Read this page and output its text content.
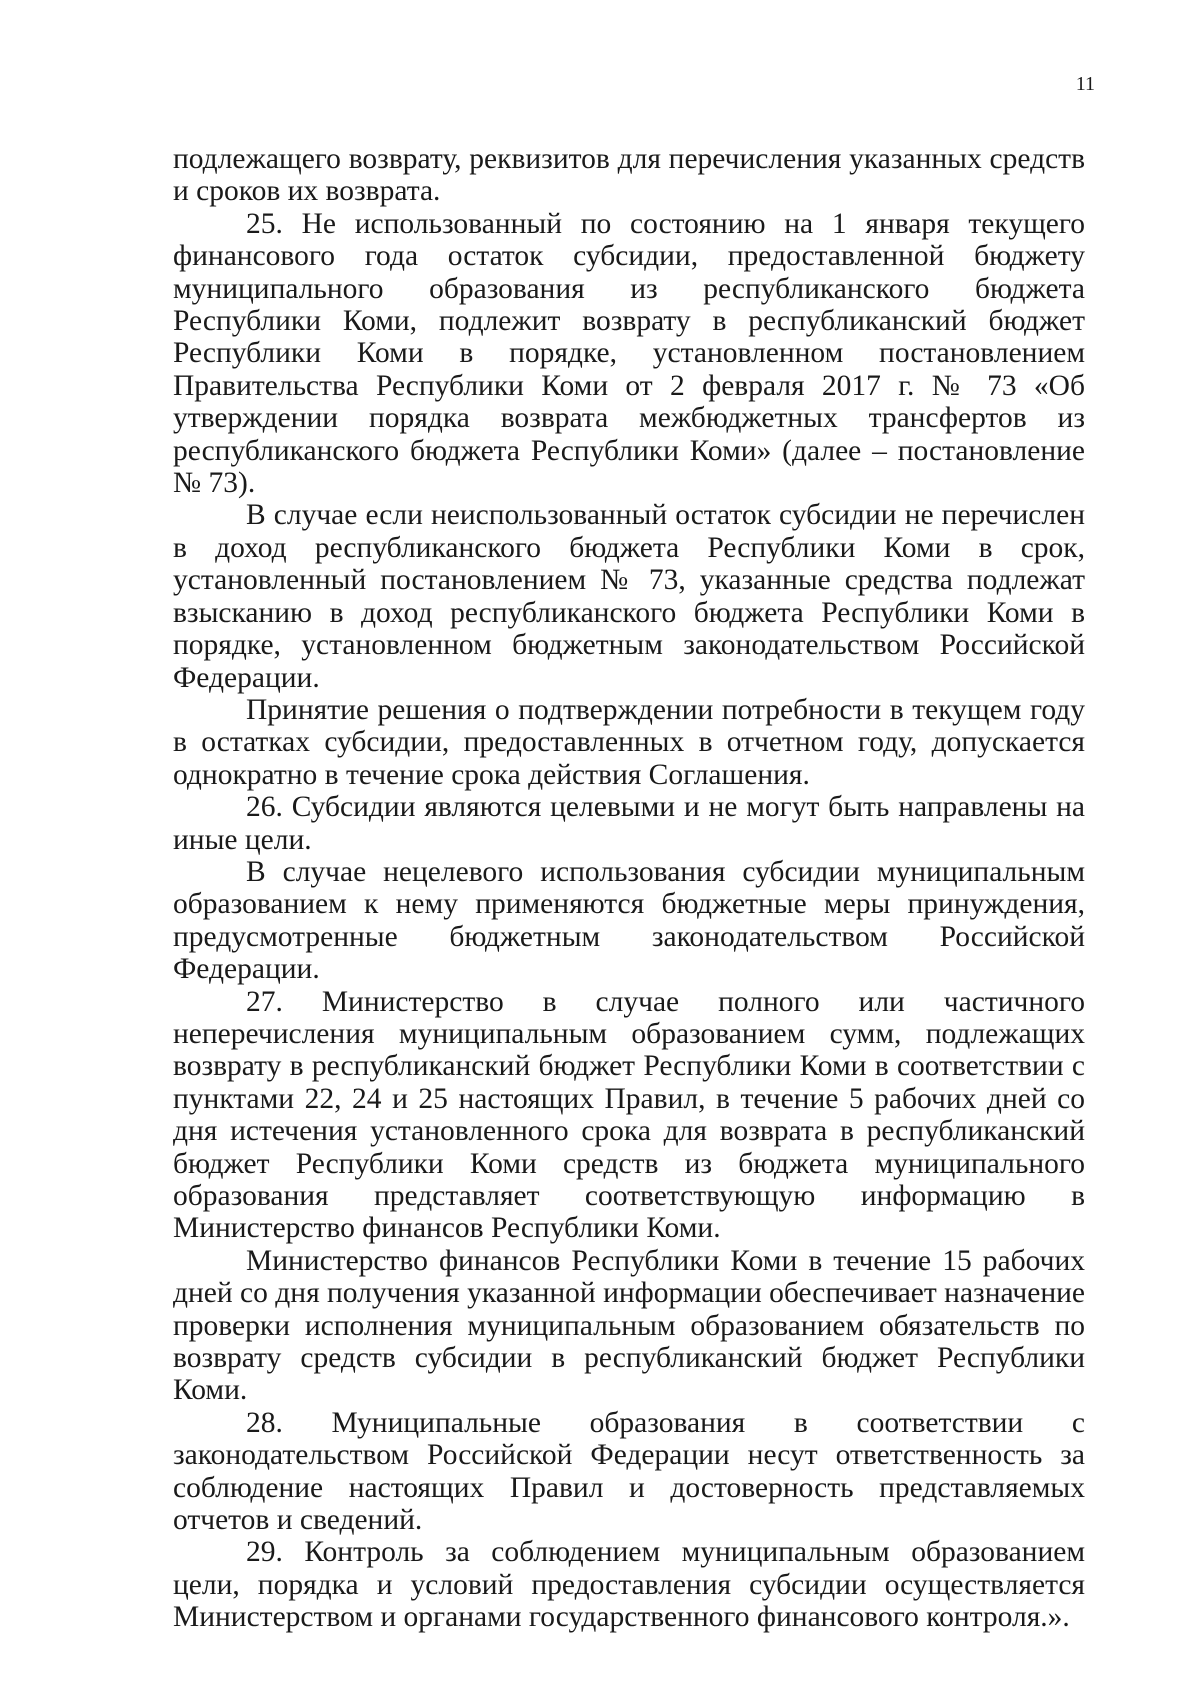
11

подлежащего возврату, реквизитов для перечисления указанных средств и сроков их возврата.

25. Не использованный по состоянию на 1 января текущего финансового года остаток субсидии, предоставленной бюджету муниципального образования из республиканского бюджета Республики Коми, подлежит возврату в республиканский бюджет Республики Коми в порядке, установленном постановлением Правительства Республики Коми от 2 февраля 2017 г. № 73 «Об утверждении порядка возврата межбюджетных трансфертов из республиканского бюджета Республики Коми» (далее – постановление № 73).

В случае если неиспользованный остаток субсидии не перечислен в доход республиканского бюджета Республики Коми в срок, установленный постановлением № 73, указанные средства подлежат взысканию в доход республиканского бюджета Республики Коми в порядке, установленном бюджетным законодательством Российской Федерации.

Принятие решения о подтверждении потребности в текущем году в остатках субсидии, предоставленных в отчетном году, допускается однократно в течение срока действия Соглашения.

26. Субсидии являются целевыми и не могут быть направлены на иные цели.

В случае нецелевого использования субсидии муниципальным образованием к нему применяются бюджетные меры принуждения, предусмотренные бюджетным законодательством Российской Федерации.

27. Министерство в случае полного или частичного неперечисления муниципальным образованием сумм, подлежащих возврату в республиканский бюджет Республики Коми в соответствии с пунктами 22, 24 и 25 настоящих Правил, в течение 5 рабочих дней со дня истечения установленного срока для возврата в республиканский бюджет Республики Коми средств из бюджета муниципального образования представляет соответствующую информацию в Министерство финансов Республики Коми.

Министерство финансов Республики Коми в течение 15 рабочих дней со дня получения указанной информации обеспечивает назначение проверки исполнения муниципальным образованием обязательств по возврату средств субсидии в республиканский бюджет Республики Коми.

28. Муниципальные образования в соответствии с законодательством Российской Федерации несут ответственность за соблюдение настоящих Правил и достоверность представляемых отчетов и сведений.

29. Контроль за соблюдением муниципальным образованием цели, порядка и условий предоставления субсидии осуществляется Министерством и органами государственного финансового контроля.».
